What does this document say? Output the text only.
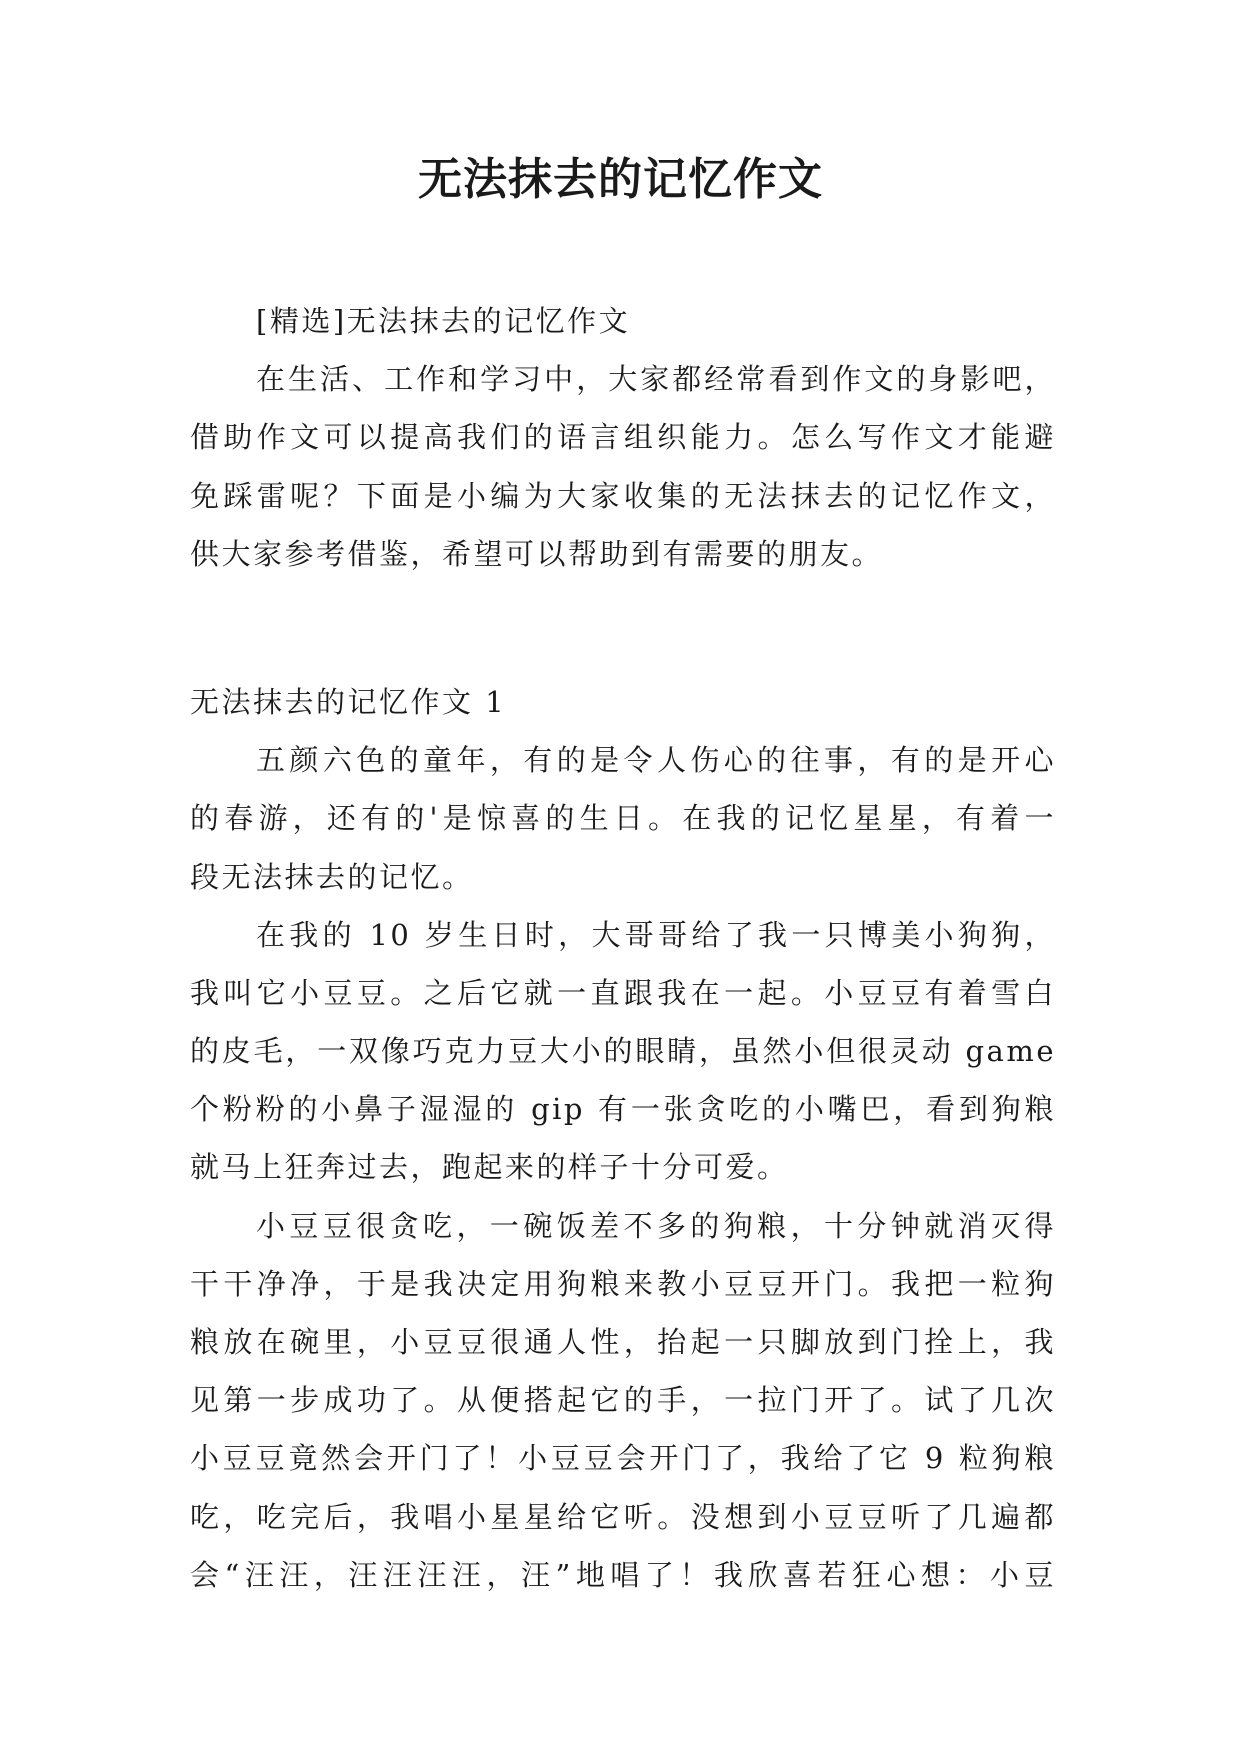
无法抹去的记忆作文
[精选]无法抹去的记忆作文
在生活、工作和学习中，大家都经常看到作文的身影吧，
借助作文可以提高我们的语言组织能力。怎么写作文才能避
免踩雷呢？下面是小编为大家收集的无法抹去的记忆作文，
供大家参考借鉴，希望可以帮助到有需要的朋友。
无法抹去的记忆作文 1
五颜六色的童年，有的是令人伤心的往事，有的是开心
的春游，还有的'是惊喜的生日。在我的记忆星星，有着一
段无法抹去的记忆。
在我的 10 岁生日时，大哥哥给了我一只博美小狗狗，
我叫它小豆豆。之后它就一直跟我在一起。小豆豆有着雪白
的皮毛，一双像巧克力豆大小的眼睛，虽然小但很灵动 game
个粉粉的小鼻子湿湿的 gip 有一张贪吃的小嘴巴，看到狗粮
就马上狂奔过去，跑起来的样子十分可爱。
小豆豆很贪吃，一碗饭差不多的狗粮，十分钟就消灭得
干干净净，于是我决定用狗粮来教小豆豆开门。我把一粒狗
粮放在碗里，小豆豆很通人性，抬起一只脚放到门拴上，我
见第一步成功了。从便搭起它的手，一拉门开了。试了几次
小豆豆竟然会开门了！小豆豆会开门了，我给了它 9 粒狗粮
吃，吃完后，我唱小星星给它听。没想到小豆豆听了几遍都
会“汪汪，汪汪汪汪，汪”地唱了！我欣喜若狂心想：小豆
